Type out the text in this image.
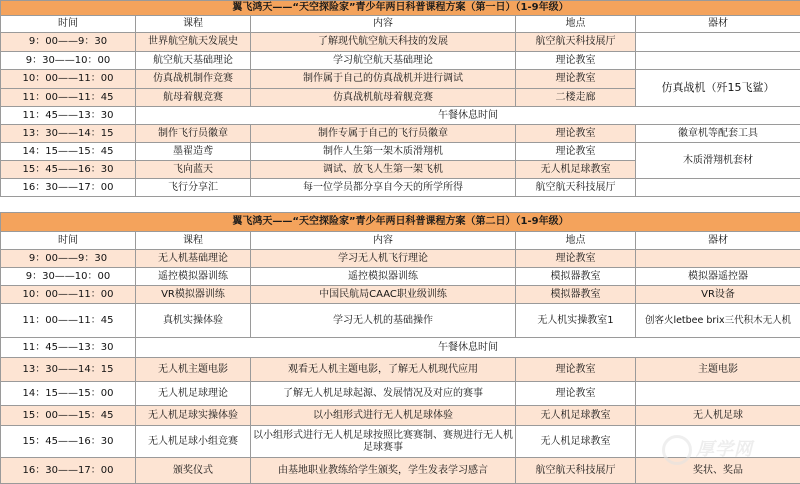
翼飞鸿天——“天空探险家”青少年两日科普课程方案（第一日）（1-9年级）				
时间	课程	内容	地点	器材
9：00——9：30	世界航空航天发展史	了解现代航空航天科技的发展	航空航天科技展厅	
9：30——10：00	航空航天基础理论	学习航空航天基础理论	理论教室	
10：00——11：00	仿真战机制作竞赛	制作属于自己的仿真战机并进行调试	理论教室	仿真战机（歼15飞鲨）
11：00——11：45	航母着舰竞赛	仿真战机航母着舰竞赛	二楼走廊	
11：45——13：30	午餐休息时间			
13：30——14：15	制作飞行员徽章	制作专属于自己的飞行员徽章	理论教室	徽章机等配套工具
14：15——15：45	墨翟造鸢	制作人生第一架木质滑翔机	理论教室	木质滑翔机套材
15：45——16：30	飞向蓝天	调试、放飞人生第一架飞机	无人机足球教室	
16：30——17：00	飞行分享汇	每一位学员都分享自今天的所学所得	航空航天科技展厅	
翼飞鸿天——“天空探险家”青少年两日科普课程方案（第二日）（1-9年级）				
时间	课程	内容	地点	器材
9：00——9：30	无人机基础理论	学习无人机飞行理论	理论教室	
9：30——10：00	遥控模拟器训练	遥控模拟器训练	模拟器教室	模拟器遥控器
10：00——11：00	VR模拟器训练	中国民航局CAAC职业级训练	模拟器教室	VR设备
11：00——11：45	真机实操体验	学习无人机的基础操作	无人机实操教室1	创客火letbee brix三代积木无人机
11：45——13：30	午餐休息时间			
13：30——14：15	无人机主题电影	观看无人机主题电影，了解无人机现代应用	理论教室	主题电影
14：15——15：00	无人机足球理论	了解无人机足球起源、发展情况及对应的赛事	理论教室	
15：00——15：45	无人机足球实操体验	以小组形式进行无人机足球体验	无人机足球教室	无人机足球
15：45——16：30	无人机足球小组竞赛	以小组形式进行无人机足球按照比赛赛制、赛规进行无人机足球赛事	无人机足球教室	
16：30——17：00	颁奖仪式	由基地职业教练给学生颁奖，学生发表学习感言	航空航天科技展厅	奖状、奖品
厚学网
